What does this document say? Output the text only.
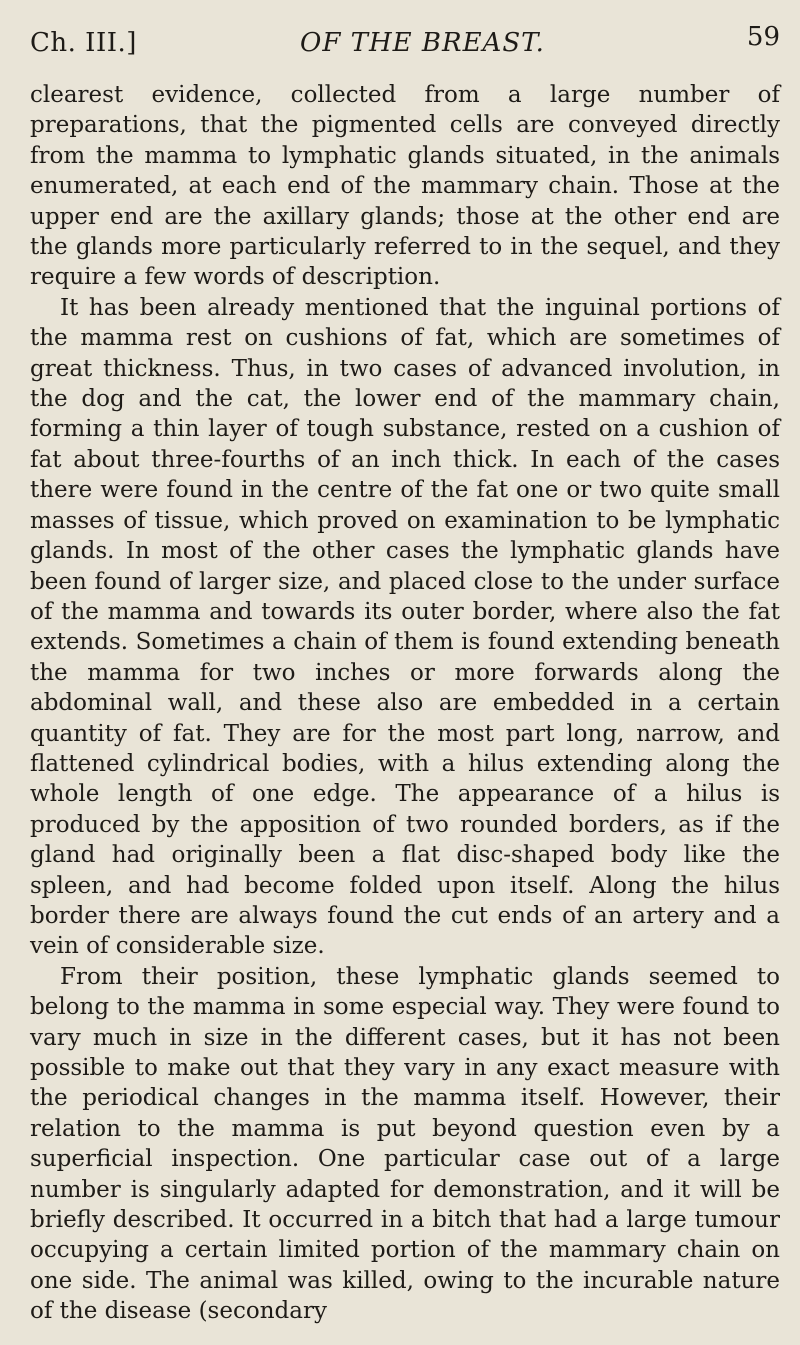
Ch. III.]	OF THE BREAST.	59

clearest evidence, collected from a large number of preparations, that the pigmented cells are conveyed directly from the mamma to lymphatic glands situated, in the animals enumerated, at each end of the mammary chain. Those at the upper end are the axillary glands; those at the other end are the glands more particularly referred to in the sequel, and they require a few words of description.

It has been already mentioned that the inguinal portions of the mamma rest on cushions of fat, which are sometimes of great thickness. Thus, in two cases of advanced involution, in the dog and the cat, the lower end of the mammary chain, forming a thin layer of tough substance, rested on a cushion of fat about three-fourths of an inch thick. In each of the cases there were found in the centre of the fat one or two quite small masses of tissue, which proved on examination to be lymphatic glands. In most of the other cases the lymphatic glands have been found of larger size, and placed close to the under surface of the mamma and towards its outer border, where also the fat extends. Sometimes a chain of them is found extending beneath the mamma for two inches or more forwards along the abdominal wall, and these also are embedded in a certain quantity of fat. They are for the most part long, narrow, and flattened cylindrical bodies, with a hilus extending along the whole length of one edge. The appearance of a hilus is produced by the apposition of two rounded borders, as if the gland had originally been a flat disc-shaped body like the spleen, and had become folded upon itself. Along the hilus border there are always found the cut ends of an artery and a vein of considerable size.

From their position, these lymphatic glands seemed to belong to the mamma in some especial way. They were found to vary much in size in the different cases, but it has not been possible to make out that they vary in any exact measure with the periodical changes in the mamma itself. However, their relation to the mamma is put beyond question even by a superficial inspection. One particular case out of a large number is singularly adapted for demonstration, and it will be briefly described. It occurred in a bitch that had a large tumour occupying a certain limited portion of the mammary chain on one side. The animal was killed, owing to the incurable nature of the disease (secondary
